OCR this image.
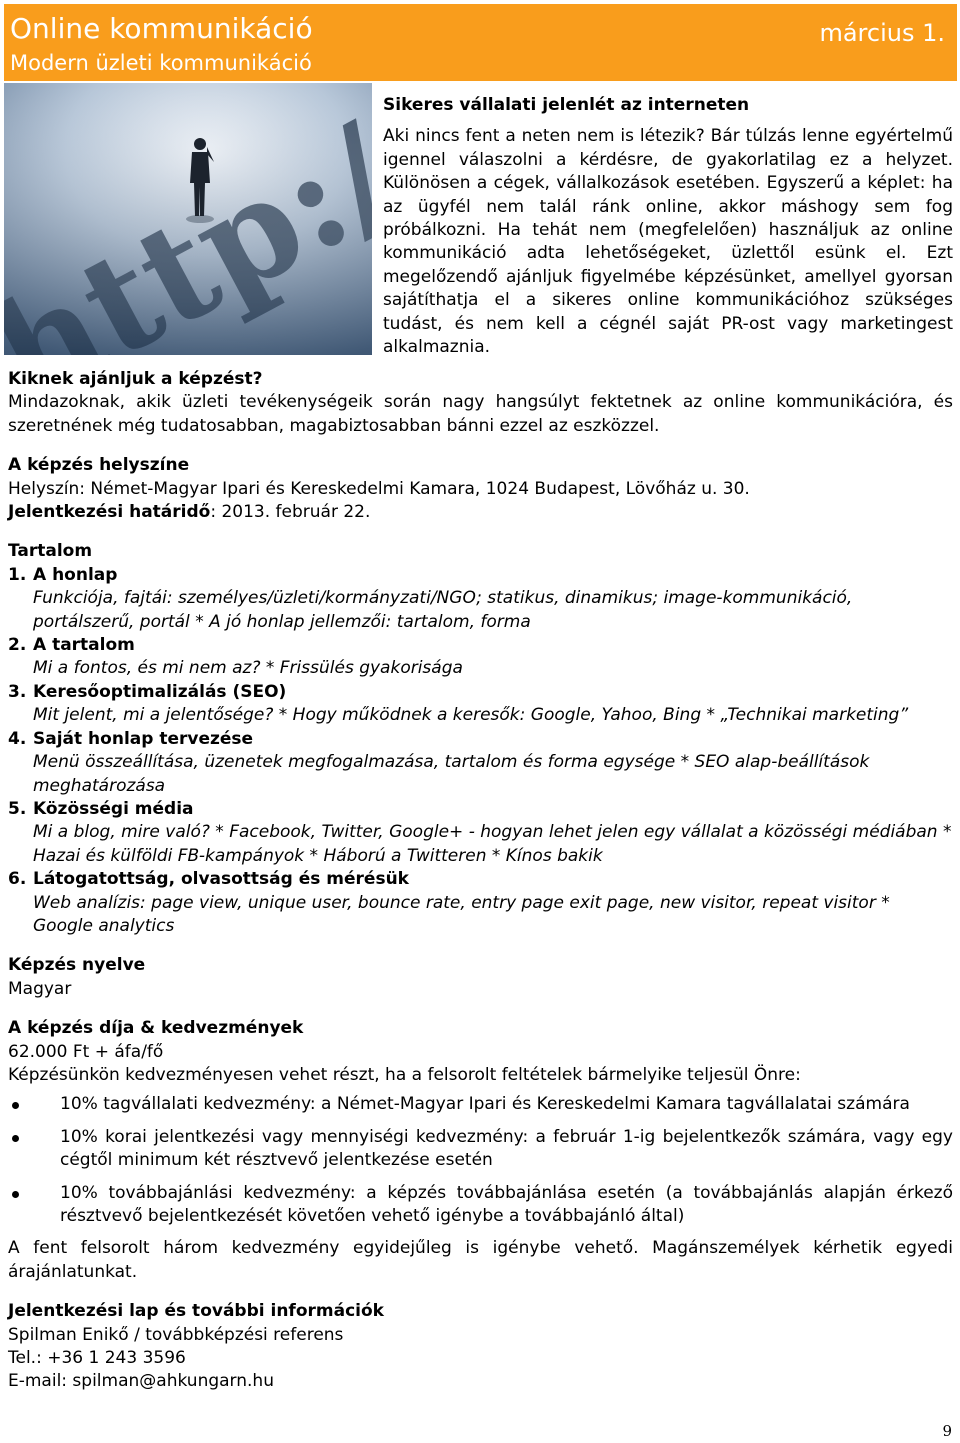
Online kommunikáció
Modern üzleti kommunikáció
március 1.
Sikeres vállalati jelenlét az interneten
Aki nincs fent a neten nem is létezik? Bár túlzás lenne egyértelmű igennel válaszolni a kérdésre, de gyakorlatilag ez a helyzet. Különösen a cégek, vállalkozások esetében. Egyszerű a képlet: ha az ügyfél nem talál ránk online, akkor máshogy sem fog próbálkozni. Ha tehát nem (megfelelően) használjuk az online kommunikáció adta lehetőségeket, üzlettől esünk el. Ezt megelőzendő ajánljuk figyelmébe képzésünket, amellyel gyorsan sajátíthatja el a sikeres online kommunikációhoz szükséges tudást, és nem kell a cégnél saját PR-ost vagy marketingest alkalmaznia.
Kiknek ajánljuk a képzést?
Mindazoknak, akik üzleti tevékenységeik során nagy hangsúlyt fektetnek az online kommunikációra, és szeretnének még tudatosabban, magabiztosabban bánni ezzel az eszközzel.
A képzés helyszíne
Helyszín: Német-Magyar Ipari és Kereskedelmi Kamara, 1024 Budapest, Lövőház u. 30.
Jelentkezési határidő: 2013. február 22.
Tartalom
1. A honlap
Funkciója, fajtái: személyes/üzleti/kormányzati/NGO; statikus, dinamikus; image-kommunikáció, portálszerű, portál * A jó honlap jellemzői: tartalom, forma
2. A tartalom
Mi a fontos, és mi nem az? * Frissülés gyakorisága
3. Keresőoptimalizálás (SEO)
Mit jelent, mi a jelentősége? * Hogy működnek a keresők: Google, Yahoo, Bing * „Technikai marketing”
4. Saját honlap tervezése
Menü összeállítása, üzenetek megfogalmazása, tartalom és forma egysége * SEO alap-beállítások meghatározása
5. Közösségi média
Mi a blog, mire való? * Facebook, Twitter, Google+ - hogyan lehet jelen egy vállalat a közösségi médiában * Hazai és külföldi FB-kampányok * Háború a Twitteren * Kínos bakik
6. Látogatottság, olvasottság és mérésük
Web analízis: page view, unique user, bounce rate, entry page exit page, new visitor, repeat visitor * Google analytics
Képzés nyelve
Magyar
A képzés díja & kedvezmények
62.000 Ft + áfa/fő
Képzésünkön kedvezményesen vehet részt, ha a felsorolt feltételek bármelyike teljesül Önre:
10% tagvállalati kedvezmény: a Német-Magyar Ipari és Kereskedelmi Kamara tagvállalatai számára
10% korai jelentkezési vagy mennyiségi kedvezmény: a február 1-ig bejelentkezők számára, vagy egy cégtől minimum két résztvevő jelentkezése esetén
10% továbbajánlási kedvezmény: a képzés továbbajánlása esetén (a továbbajánlás alapján érkező résztvevő bejelentkezését követően vehető igénybe a továbbajánló által)
A fent felsorolt három kedvezmény egyidejűleg is igénybe vehető. Magánszemélyek kérhetik egyedi árajánlatunkat.
Jelentkezési lap és további információk
Spilman Enikő / továbbképzési referens
Tel.: +36 1 243 3596
E-mail: spilman@ahkungarn.hu
9
